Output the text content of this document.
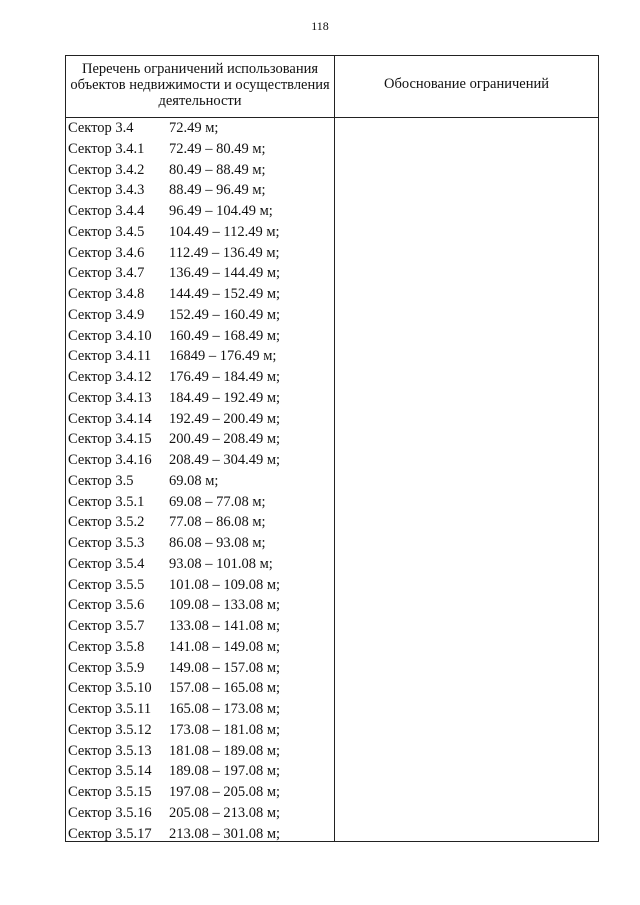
118
Перечень ограничений использования
объектов недвижимости и осуществления
деятельности
Обоснование ограничений
Сектор 3.4 72.49 м;
Сектор 3.4.1 72.49 – 80.49 м;
Сектор 3.4.2 80.49 – 88.49 м;
Сектор 3.4.3 88.49 – 96.49 м;
Сектор 3.4.4 96.49 – 104.49 м;
Сектор 3.4.5 104.49 – 112.49 м;
Сектор 3.4.6 112.49 – 136.49 м;
Сектор 3.4.7 136.49 – 144.49 м;
Сектор 3.4.8 144.49 – 152.49 м;
Сектор 3.4.9 152.49 – 160.49 м;
Сектор 3.4.10 160.49 – 168.49 м;
Сектор 3.4.11 16849 – 176.49 м;
Сектор 3.4.12 176.49 – 184.49 м;
Сектор 3.4.13 184.49 – 192.49 м;
Сектор 3.4.14 192.49 – 200.49 м;
Сектор 3.4.15 200.49 – 208.49 м;
Сектор 3.4.16 208.49 – 304.49 м;
Сектор 3.5 69.08 м;
Сектор 3.5.1 69.08 – 77.08 м;
Сектор 3.5.2 77.08 – 86.08 м;
Сектор 3.5.3 86.08 – 93.08 м;
Сектор 3.5.4 93.08 – 101.08 м;
Сектор 3.5.5 101.08 – 109.08 м;
Сектор 3.5.6 109.08 – 133.08 м;
Сектор 3.5.7 133.08 – 141.08 м;
Сектор 3.5.8 141.08 – 149.08 м;
Сектор 3.5.9 149.08 – 157.08 м;
Сектор 3.5.10 157.08 – 165.08 м;
Сектор 3.5.11 165.08 – 173.08 м;
Сектор 3.5.12 173.08 – 181.08 м;
Сектор 3.5.13 181.08 – 189.08 м;
Сектор 3.5.14 189.08 – 197.08 м;
Сектор 3.5.15 197.08 – 205.08 м;
Сектор 3.5.16 205.08 – 213.08 м;
Сектор 3.5.17 213.08 – 301.08 м;
